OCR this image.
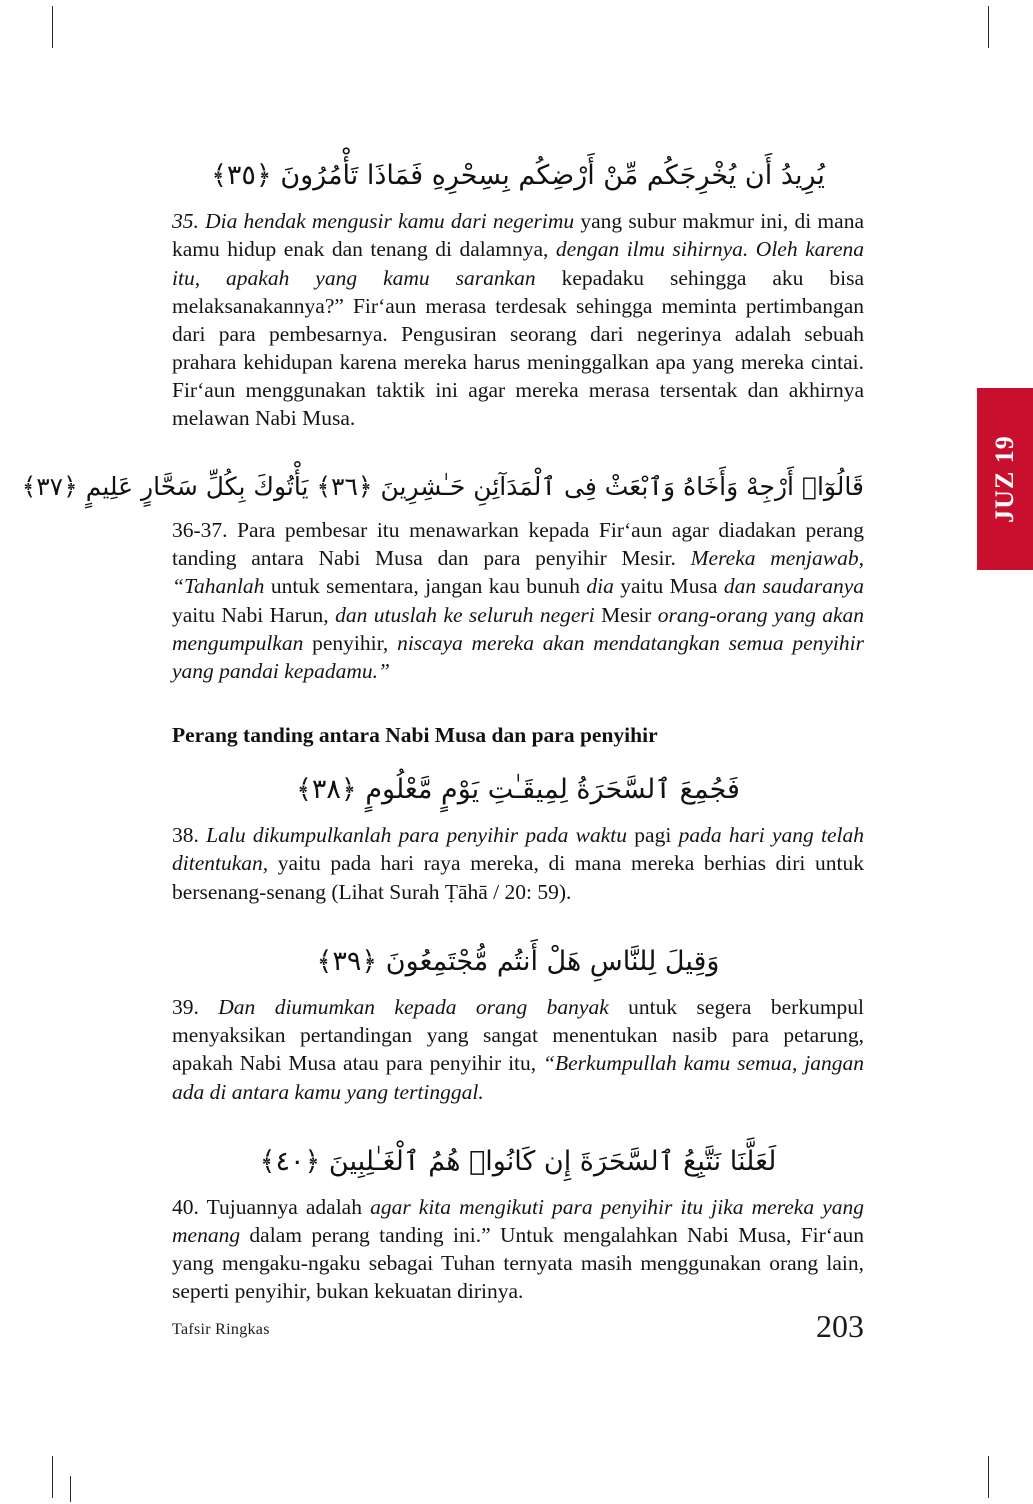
JUZ 19
يُرِيدُ أَن يُخْرِجَكُم مِّنْ أَرْضِكُم بِسِحْرِهِ فَمَاذَا تَأْمُرُونَ ﴿٣٥﴾
35. Dia hendak mengusir kamu dari negerimu yang subur makmur ini, di mana kamu hidup enak dan tenang di dalamnya, dengan ilmu sihirnya. Oleh karena itu, apakah yang kamu sarankan kepadaku sehingga aku bisa melaksanakannya?” Fir‘aun merasa terdesak sehingga meminta pertimbangan dari para pembesarnya. Pengusiran seorang dari negerinya adalah sebuah prahara kehidupan karena mereka harus meninggalkan apa yang mereka cintai. Fir‘aun menggunakan taktik ini agar mereka merasa tersentak dan akhirnya melawan Nabi Musa.
قَالُوٓا۟ أَرْجِهْ وَأَخَاهُ وَٱبْعَثْ فِى ٱلْمَدَآئِنِ حَـٰشِرِينَ ﴿٣٦﴾ يَأْتُوكَ بِكُلِّ سَحَّارٍ عَلِيمٍ ﴿٣٧﴾
36-37. Para pembesar itu menawarkan kepada Fir‘aun agar diadakan perang tanding antara Nabi Musa dan para penyihir Mesir. Mereka menjawab, “Tahanlah untuk sementara, jangan kau bunuh dia yaitu Musa dan saudaranya yaitu Nabi Harun, dan utuslah ke seluruh negeri Mesir orang-orang yang akan mengumpulkan penyihir, niscaya mereka akan mendatangkan semua penyihir yang pandai kepadamu.”
Perang tanding antara Nabi Musa dan para penyihir
فَجُمِعَ ٱلسَّحَرَةُ لِمِيقَـٰتِ يَوْمٍ مَّعْلُومٍ ﴿٣٨﴾
38. Lalu dikumpulkanlah para penyihir pada waktu pagi pada hari yang telah ditentukan, yaitu pada hari raya mereka, di mana mereka berhias diri untuk bersenang-senang (Lihat Surah Ṭāhā / 20: 59).
وَقِيلَ لِلنَّاسِ هَلْ أَنتُم مُّجْتَمِعُونَ ﴿٣٩﴾
39. Dan diumumkan kepada orang banyak untuk segera berkumpul menyaksikan pertandingan yang sangat menentukan nasib para petarung, apakah Nabi Musa atau para penyihir itu, “Berkumpullah kamu semua, jangan ada di antara kamu yang tertinggal.
لَعَلَّنَا نَتَّبِعُ ٱلسَّحَرَةَ إِن كَانُوا۟ هُمُ ٱلْغَـٰلِبِينَ ﴿٤٠﴾
40. Tujuannya adalah agar kita mengikuti para penyihir itu jika mereka yang menang dalam perang tanding ini.” Untuk mengalahkan Nabi Musa, Fir‘aun yang mengaku-ngaku sebagai Tuhan ternyata masih menggunakan orang lain, seperti penyihir, bukan kekuatan dirinya.
Tafsir Ringkas	203
